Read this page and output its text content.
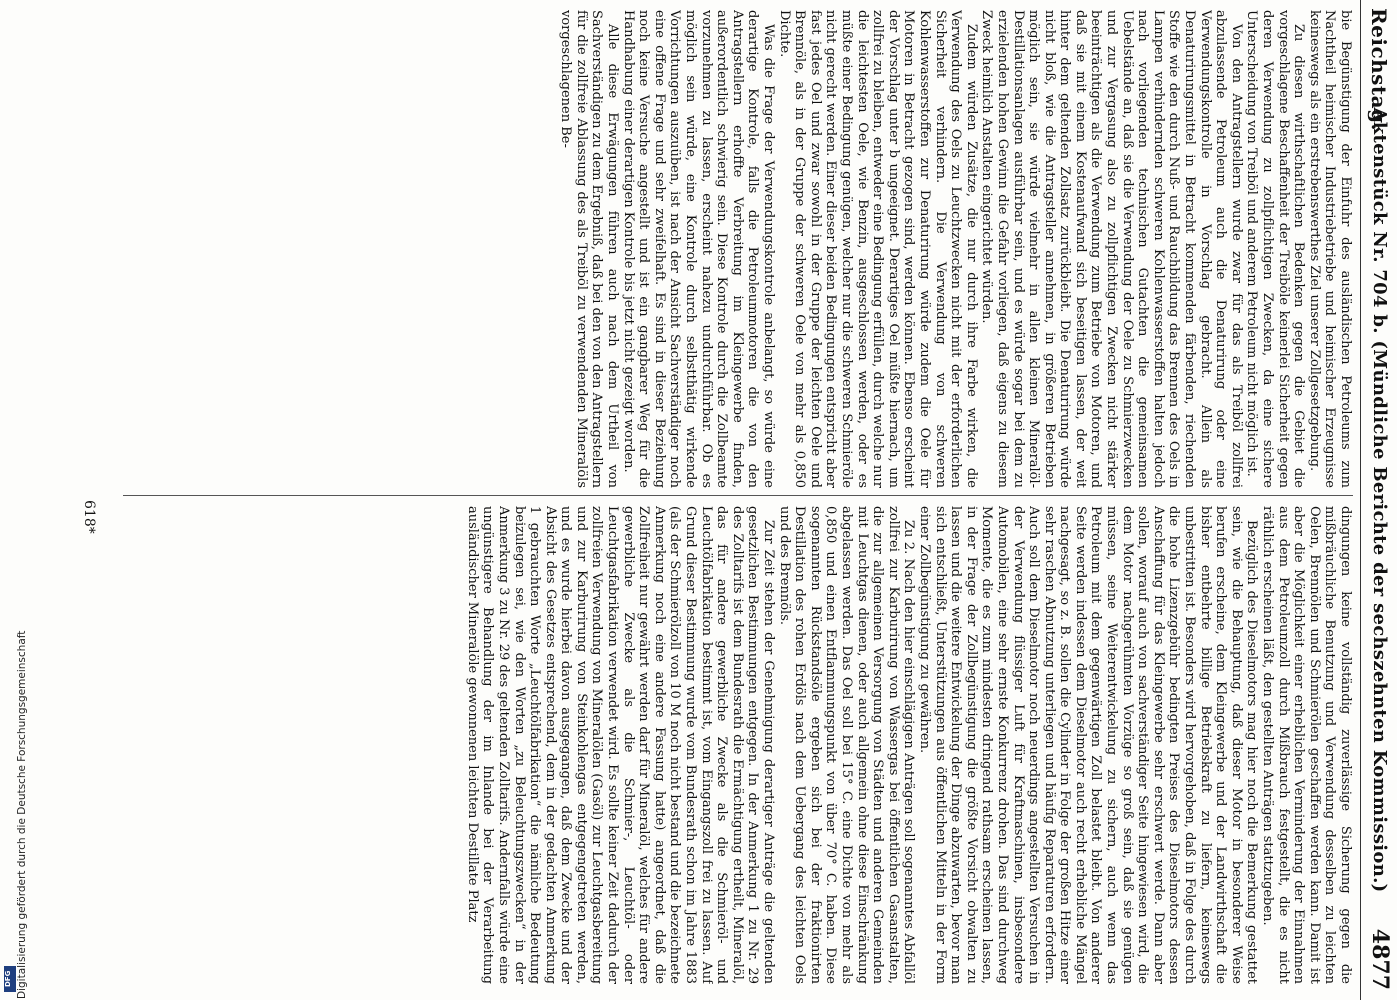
Reichstag.
Aktenstück Nr. 704 b. (Mündliche Berichte der sechszehnten Kommission.)
4877

bie Begünstigung der Einfuhr des ausländischen Petroleums zum Nachtheil heimischer Industriebetriebe und heimischer Erzeugnisse keineswegs als ein erstrebenswerthes Ziel unserer Zollgesetzgebung.

Zu diesen wirthschaftlichen Bedenken gegen die Gebiet die vorgeschlagene Beschaffenheit der Treiböle keinerlei Sicherheit gegen deren Verwendung zu zollpflichtigen Zwecken, da eine sichere Unterscheidung von Treiböl und anderem Petroleum nicht möglich ist.

Von den Antragstellern wurde zwar für das als Treiböl zollfrei abzulassende Petroleum auch die Denaturirung oder eine Verwendungskontrolle in Vorschlag gebracht. Allein als Denaturirungsmittel in Betracht kommenden färbenden, riechenden Stoffe wie den durch Nuß- und Rauchbildung das Brennen des Oels in Lampen verhindernden schweren Kohlenwasserstoffen halten jedoch nach vorliegenden technischen Gutachten die gemeinsamen Uebelstände an, daß sie die Verwendung der Oele zu Schmierzwecken und zur Vergasung also zu zollpflichtigen Zwecken nicht stärker beeinträchtigen als die Verwendung zum Betriebe von Motoren, und daß sie mit einem Kostenaufwand sich beseitigen lassen, der weit hinter dem geltenden Zollsatz zurückbleibt. Die Denaturirung würde nicht bloß, wie die Antragsteller annehmen, in größeren Betrieben möglich sein, sie würde vielmehr in allen kleinen Mineralöl-Destillationsanlagen ausführbar sein, und es würde sogar bei dem zu erzielenden hohen Gewinn die Gefahr vorliegen, daß eigens zu diesem Zweck heimlich Anstalten eingerichtet würden.

Zudem würden Zusätze, die nur durch ihre Farbe wirken, die Verwendung des Oels zu Leuchtzwecken nicht mit der erforderlichen Sicherheit verhindern. Die Verwendung von schweren Kohlenwasserstoffen zur Denaturirung würde zudem die Oele für Motoren in Betracht gezogen sind, werden können. Ebenso erscheint der Vorschlag unter b ungeeignet. Derartiges Oel müßte hiernach, um zollfrei zu bleiben, entweder eine Bedingung erfüllen, durch welche nur die leichtesten Oele, wie Benzin, ausgeschlossen werden, oder es müßte einer Bedingung genügen, welcher nur die schweren Schmieröle nicht gerecht werden. Einer dieser beiden Bedingungen entspricht aber fast jedes Oel und zwar sowohl in der Gruppe der leichten Oele und Brennöle, als in der Gruppe der schweren Oele von mehr als 0,850 Dichte.

Was die Frage der Verwendungskontrole anbelangt, so würde eine derartige Kontrole, falls die Petroleummotoren die von den Antragstellern erhoffte Verbreitung im Kleingewerbe finden, außerordentlich schwierig sein. Diese Kontrole durch die Zollbeamte vorzunehmen zu lassen, erscheint nahezu undurchführbar. Ob es möglich sein würde, eine Kontrole durch selbstthätig wirkende Vorrichtungen auszuüben, ist nach der Ansicht Sachverständiger noch eine offene Frage und sehr zweifelhaft. Es sind in dieser Beziehung noch keine Versuche angestellt und ist ein gangbarer Weg für die Handhabung einer derartigen Kontrole bis jetzt nicht gezeigt worden.

Alle diese Erwägungen führen auch nach dem Urtheil von Sachverständigen zu dem Ergebniß, daß bei den von den Antragstellern für die zollfreie Ablassung des als Treiböl zu verwendenden Mineralöls vorgeschlagenen Be-

dingungen keine vollständig zuverlässige Sicherung gegen die mißbräuchliche Benutzung und Verwendung desselben zu leichten Oelen, Brennölen und Schmierölen geschaffen werden kann. Damit ist aber die Möglichkeit einer erheblichen Verminderung der Einnahmen aus dem Petroleumzoll durch Mißbrauch festgestellt, die es nicht räthlich erscheinen läßt, den gestellten Anträgen stattzugeben.

Bezüglich des Dieselmotors mag hier noch die Bemerkung gestattet sein, wie die Behauptung, daß dieser Motor in besonderer Weise berufen erscheine, dem Kleingewerbe und der Landwirthschaft die bisher entbehrte billige Betriebskraft zu liefern, keineswegs unbestritten ist. Besonders wird hervorgehoben, daß in Folge des durch die hohe Lizenzgebühr bedingten Preises des Dieselmotors dessen Anschaffung für das Kleingewerbe sehr erschwert werde. Dann aber sollen, worauf auch von sachverständiger Seite hingewiesen wird, die dem Motor nachgerühmten Vorzüge so groß sein, daß sie genügen müssen, seine Weiterentwickelung zu sichern, auch wenn das Petroleum mit dem gegenwärtigen Zoll belastet bleibt. Von anderer Seite werden indessen dem Dieselmotor auch recht erhebliche Mängel nachgesagt, so z. B. sollen die Cylinder in Folge der großen Hitze einer sehr raschen Abnutzung unterliegen und häufig Reparaturen erfordern. Auch soll dem Dieselmotor noch neuerdings angestellten Versuchen in der Verwendung flüssiger Luft für Kraftmaschinen, insbesondere Automobilen, eine sehr ernste Konkurrenz drohen. Das sind durchweg Momente, die es zum mindesten dringend rathsam erscheinen lassen, in der Frage der Zollbegünstigung die größte Vorsicht obwalten zu lassen und die weitere Entwickelung der Dinge abzuwarten, bevor man sich entschließt, Unterstützungen aus öffentlichen Mitteln in der Form einer Zollbegünstigung zu gewähren.

Zu 2. Nach den hier einschlägigen Anträgen soll sogenanntes Abfallöl zollfrei zur Karburirung von Wassergas bei öffentlichen Gasanstalten, die zur allgemeinen Versorgung von Städten und anderen Gemeinden mit Leuchtgas dienen, oder auch allgemein ohne diese Einschränkung abgelassen werden. Das Oel soll bei 15° C. eine Dichte von mehr als 0,850 und einen Entflammungspunkt von über 70° C. haben. Diese sogenannten Rückstandsöle ergeben sich bei der fraktionirten Destillation des rohen Erdöls nach dem Uebergang des leichten Oels und des Brennöls.

Zur Zeit stehen der Genehmigung derartiger Anträge die geltenden gesetzlichen Bestimmungen entgegen. In der Anmerkung 1 zu Nr. 29 des Zolltarifs ist dem Bundesrath die Ermächtigung ertheilt, Mineralöl, das für andere gewerbliche Zwecke als die Schmieröl- und Leuchtölfabrikation bestimmt ist, vom Eingangszoll frei zu lassen. Auf Grund dieser Bestimmung wurde vom Bundesrath schon im Jahre 1883 (als der Schmierölzoll von 10 M noch nicht bestand und die bezeichnete Anmerkung noch eine andere Fassung hatte) angeordnet, daß die Zollfreiheit nur gewährt werden darf für Mineralöl, welches für andere gewerbliche Zwecke als die Schmier-, Leuchtöl- oder Leuchtgasfabrikation verwendet wird. Es sollte keiner Zeit dadurch der zollfreien Verwendung von Mineralölen (Gasöl) zur Leuchtgasbereitung und zur Karburirung von Steinkohlengas entgegengetreten werden, und es wurde hierbei davon ausgegangen, daß dem Zwecke und der Absicht des Gesetzes entsprechend, dem in der gedachten Anmerkung 1 gebrauchten Worte „Leuchtölfabrikation“ die nämliche Bedeutung beizulegen sei, wie den Worten „zu Beleuchtungszwecken“ in der Anmerkung 3 zu Nr. 29 des geltenden Zolltarifs. Andernfalls würde eine ungünstigere Behandlung der im Inlande bei der Verarbeitung ausländischer Mineralöle gewonnenen leichten Destillate Platz

618*
DFG Digitalisierung gefördert durch die Deutsche Forschungsgemeinschaft
